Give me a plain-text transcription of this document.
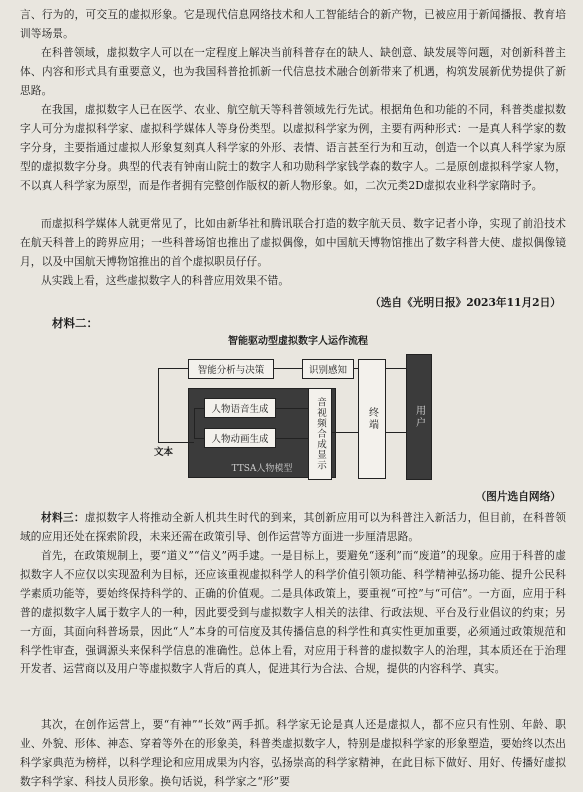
言、行为的，可交互的虚拟形象。它是现代信息网络技术和人工智能结合的新产物，已被应用于新闻播报、教育培训等场景。
在科普领域，虚拟数字人可以在一定程度上解决当前科普存在的缺人、缺创意、缺发展等问题，对创新科普主体、内容和形式具有重要意义，也为我国科普抢抓新一代信息技术融合创新带来了机遇，构筑发展新优势提供了新思路。
在我国，虚拟数字人已在医学、农业、航空航天等科普领域先行先试。根据角色和功能的不同，科普类虚拟数字人可分为虚拟科学家、虚拟科学媒体人等身份类型。以虚拟科学家为例，主要有两种形式：一是真人科学家的数字分身，主要指通过虚拟人形象复刻真人科学家的外形、表情、语言甚至行为和互动，创造一个以真人科学家为原型的虚拟数字分身。典型的代表有钟南山院士的数字人和功勋科学家钱学森的数字人。二是原创虚拟科学家人物，不以真人科学家为原型，而是作者拥有完整创作版权的新人物形象。如，二次元类2D虚拟农业科学家隋时予。
而虚拟科学媒体人就更常见了，比如由新华社和腾讯联合打造的数字航天员、数字记者小诤，实现了前沿技术在航天科普上的跨界应用；一些科普场馆也推出了虚拟偶像，如中国航天博物馆推出了数字科普大使、虚拟偶像镜月，以及中国航天博物馆推出的首个虚拟职员仔仔。
从实践上看，这些虚拟数字人的科普应用效果不错。
（选自《光明日报》2023年11月2日）
材料二：
智能驱动型虚拟数字人运作流程
智能分析与决策	识别感知
TTSA人物模型
人物语音生成
人物动画生成
文本	音视频合成显示	终端	用户
（图片选自网络）
材料三：虚拟数字人将推动全新人机共生时代的到来，其创新应用可以为科普注入新活力，但目前，在科普领域的应用还处在探索阶段，未来还需在政策引导、创作运营等方面进一步厘清思路。
首先，在政策规制上，要“道义”“信义”两手逮。一是目标上，要避免“逐利”而“废道”的现象。应用于科普的虚拟数字人不应仅以实现盈利为目标，还应该重视虚拟科学人的科学价值引领功能、科学精神弘扬功能、提升公民科学素质功能等，要始终保持科学的、正确的价值观。二是具体政策上，要重视“可控”与“可信”。一方面，应用于科普的虚拟数字人属于数字人的一种，因此要受到与虚拟数字人相关的法律、行政法规、平台及行业倡议的约束；另一方面，其面向科普场景，因此“人”本身的可信度及其传播信息的科学性和真实性更加重要，必须通过政策规范和科学性审查，强调源头来保科学信息的准确性。总体上看，对应用于科普的虚拟数字人的治理，其本质还在于治理开发者、运营商以及用户等虚拟数字人背后的真人，促进其行为合法、合规，提供的内容科学、真实。
其次，在创作运营上，要“有神”“长效”两手抓。科学家无论是真人还是虚拟人，都不应只有性别、年龄、职业、外貌、形体、神态、穿着等外在的形象美，科普类虚拟数字人，特别是虚拟科学家的形象塑造，要始终以杰出科学家典范为榜样，以科学理论和应用成果为内容，弘扬崇高的科学家精神，在此目标下做好、用好、传播好虚拟数字科学家、科技人员形象。换句话说，科学家之“形”要
